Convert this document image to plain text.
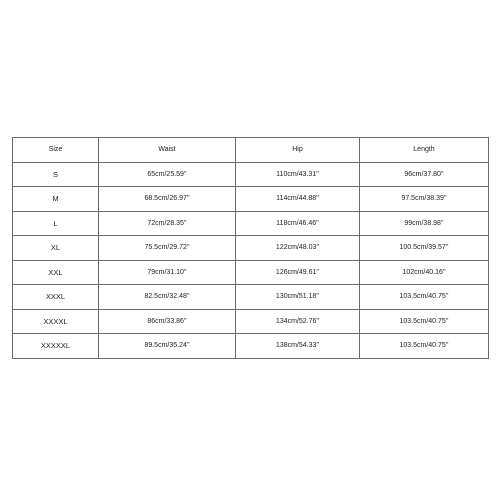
Size	Waist	Hip	Length
S	65cm/25.59''	110cm/43.31''	96cm/37.80''
M	68.5cm/26.97''	114cm/44.88''	97.5cm/38.39''
L	72cm/28.35''	118cm/46.46''	99cm/38.98''
XL	75.5cm/29.72''	122cm/48.03''	100.5cm/39.57''
XXL	79cm/31.10''	126cm/49.61''	102cm/40.16''
XXXL	82.5cm/32.48''	130cm/51.18''	103.5cm/40.75''
XXXXL	86cm/33.86''	134cm/52.76''	103.5cm/40.75''
XXXXXL	89.5cm/35.24''	138cm/54.33''	103.5cm/40.75''
